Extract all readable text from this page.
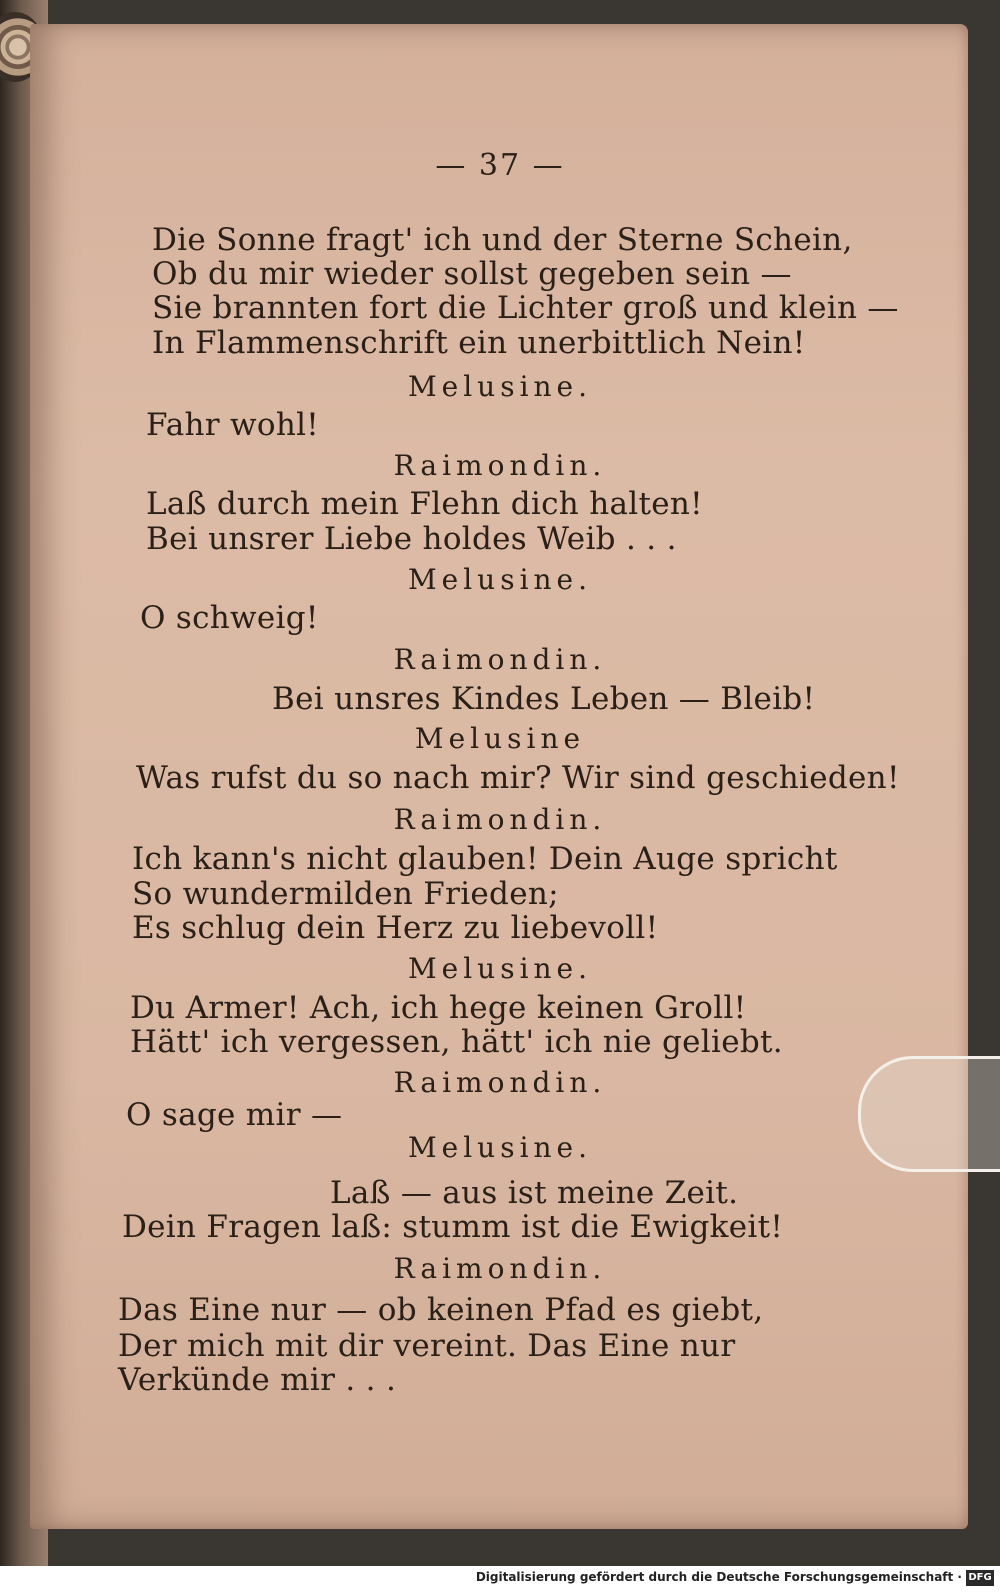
— 37 —
Die Sonne fragt' ich und der Sterne Schein,
Ob du mir wieder sollst gegeben sein —
Sie brannten fort die Lichter groß und klein —
In Flammenschrift ein unerbittlich Nein!
Melusine.
Fahr wohl!
Raimondin.
Laß durch mein Flehn dich halten!
Bei unsrer Liebe holdes Weib . . .
Melusine.
O schweig!
Raimondin.
Bei unsres Kindes Leben — Bleib!
Melusine
Was rufst du so nach mir? Wir sind geschieden!
Raimondin.
Ich kann's nicht glauben! Dein Auge spricht
So wundermilden Frieden;
Es schlug dein Herz zu liebevoll!
Melusine.
Du Armer! Ach, ich hege keinen Groll!
Hätt' ich vergessen, hätt' ich nie geliebt.
Raimondin.
O sage mir —
Melusine.
Laß — aus ist meine Zeit.
Dein Fragen laß: stumm ist die Ewigkeit!
Raimondin.
Das Eine nur — ob keinen Pfad es giebt,
Der mich mit dir vereint. Das Eine nur
Verkünde mir . . .
Digitalisierung gefördert durch die Deutsche Forschungsgemeinschaft · DFG
